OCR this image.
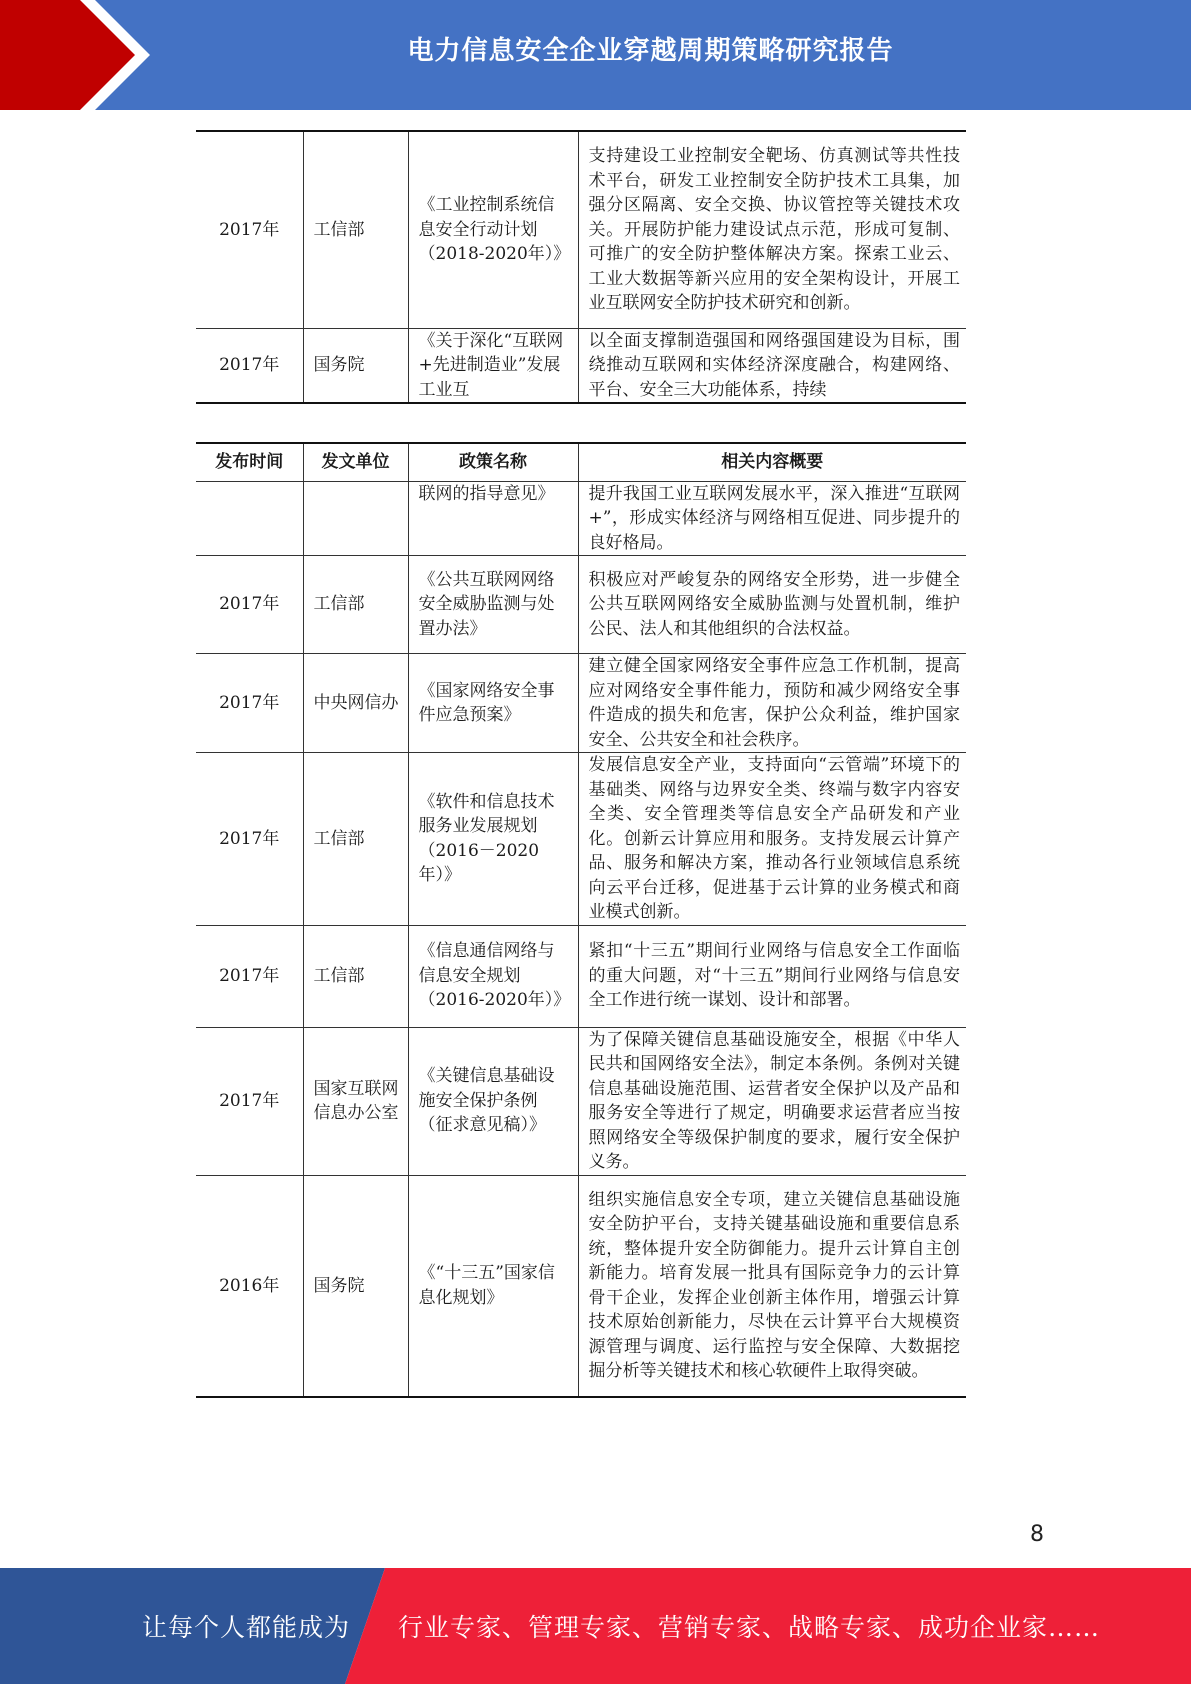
电力信息安全企业穿越周期策略研究报告
2017年	工信部	《工业控制系统信息安全行动计划（2018-2020年）》	支持建设工业控制安全靶场、仿真测试等共性技术平台，研发工业控制安全防护技术工具集，加强分区隔离、安全交换、协议管控等关键技术攻关。开展防护能力建设试点示范，形成可复制、可推广的安全防护整体解决方案。探索工业云、工业大数据等新兴应用的安全架构设计，开展工业互联网安全防护技术研究和创新。
2017年	国务院	《关于深化“互联网+先进制造业”发展工业互	以全面支撑制造强国和网络强国建设为目标，围绕推动互联网和实体经济深度融合，构建网络、平台、安全三大功能体系，持续
发布时间	发文单位	政策名称	相关内容概要
		联网的指导意见》	提升我国工业互联网发展水平，深入推进“互联网+”，形成实体经济与网络相互促进、同步提升的良好格局。
2017年	工信部	《公共互联网网络安全威胁监测与处置办法》	积极应对严峻复杂的网络安全形势，进一步健全公共互联网网络安全威胁监测与处置机制，维护公民、法人和其他组织的合法权益。
2017年	中央网信办	《国家网络安全事件应急预案》	建立健全国家网络安全事件应急工作机制，提高应对网络安全事件能力，预防和减少网络安全事件造成的损失和危害，保护公众利益，维护国家安全、公共安全和社会秩序。
2017年	工信部	《软件和信息技术服务业发展规划（2016－2020年）》	发展信息安全产业，支持面向“云管端”环境下的基础类、网络与边界安全类、终端与数字内容安全类、安全管理类等信息安全产品研发和产业化。创新云计算应用和服务。支持发展云计算产品、服务和解决方案，推动各行业领域信息系统向云平台迁移，促进基于云计算的业务模式和商业模式创新。
2017年	工信部	《信息通信网络与信息安全规划（2016-2020年）》	紧扣“十三五”期间行业网络与信息安全工作面临的重大问题，对“十三五”期间行业网络与信息安全工作进行统一谋划、设计和部署。
2017年	国家互联网信息办公室	《关键信息基础设施安全保护条例（征求意见稿）》	为了保障关键信息基础设施安全，根据《中华人民共和国网络安全法》，制定本条例。条例对关键信息基础设施范围、运营者安全保护以及产品和服务安全等进行了规定，明确要求运营者应当按照网络安全等级保护制度的要求，履行安全保护义务。
2016年	国务院	《“十三五”国家信息化规划》	组织实施信息安全专项，建立关键信息基础设施安全防护平台，支持关键基础设施和重要信息系统，整体提升安全防御能力。提升云计算自主创新能力。培育发展一批具有国际竞争力的云计算骨干企业，发挥企业创新主体作用，增强云计算技术原始创新能力，尽快在云计算平台大规模资源管理与调度、运行监控与安全保障、大数据挖掘分析等关键技术和核心软硬件上取得突破。
8
让每个人都能成为 行业专家、管理专家、营销专家、战略专家、成功企业家……
